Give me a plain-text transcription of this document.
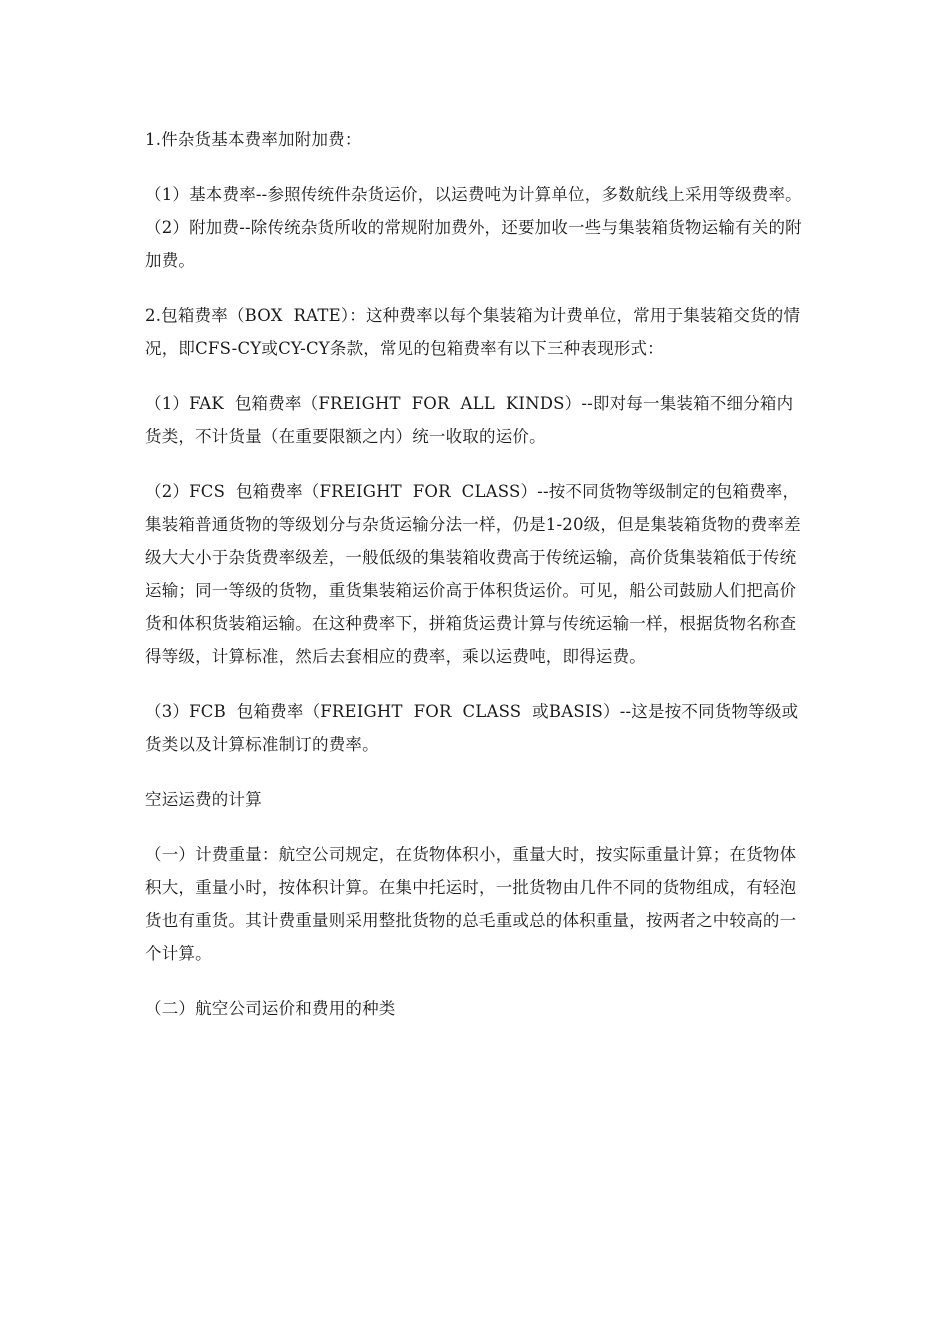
1.件杂货基本费率加附加费：

（1）基本费率--参照传统件杂货运价，以运费吨为计算单位，多数航线上采用等级费率。

（2）附加费--除传统杂货所收的常规附加费外，还要加收一些与集装箱货物运输有关的附加费。

2.包箱费率（BOX  RATE）：这种费率以每个集装箱为计费单位，常用于集装箱交货的情况，即CFS-CY或CY-CY条款，常见的包箱费率有以下三种表现形式：

（1）FAK  包箱费率（FREIGHT  FOR  ALL  KINDS）--即对每一集装箱不细分箱内货类，不计货量（在重要限额之内）统一收取的运价。

（2）FCS  包箱费率（FREIGHT  FOR  CLASS）--按不同货物等级制定的包箱费率，集装箱普通货物的等级划分与杂货运输分法一样，仍是1-20级，但是集装箱货物的费率差级大大小于杂货费率级差，一般低级的集装箱收费高于传统运输，高价货集装箱低于传统运输；同一等级的货物，重货集装箱运价高于体积货运价。可见，船公司鼓励人们把高价货和体积货装箱运输。在这种费率下，拼箱货运费计算与传统运输一样，根据货物名称查得等级，计算标准，然后去套相应的费率，乘以运费吨，即得运费。

（3）FCB  包箱费率（FREIGHT  FOR  CLASS  或BASIS）--这是按不同货物等级或货类以及计算标准制订的费率。

空运运费的计算

（一）计费重量：航空公司规定，在货物体积小，重量大时，按实际重量计算；在货物体积大，重量小时，按体积计算。在集中托运时，一批货物由几件不同的货物组成，有轻泡货也有重货。其计费重量则采用整批货物的总毛重或总的体积重量，按两者之中较高的一个计算。

（二）航空公司运价和费用的种类
